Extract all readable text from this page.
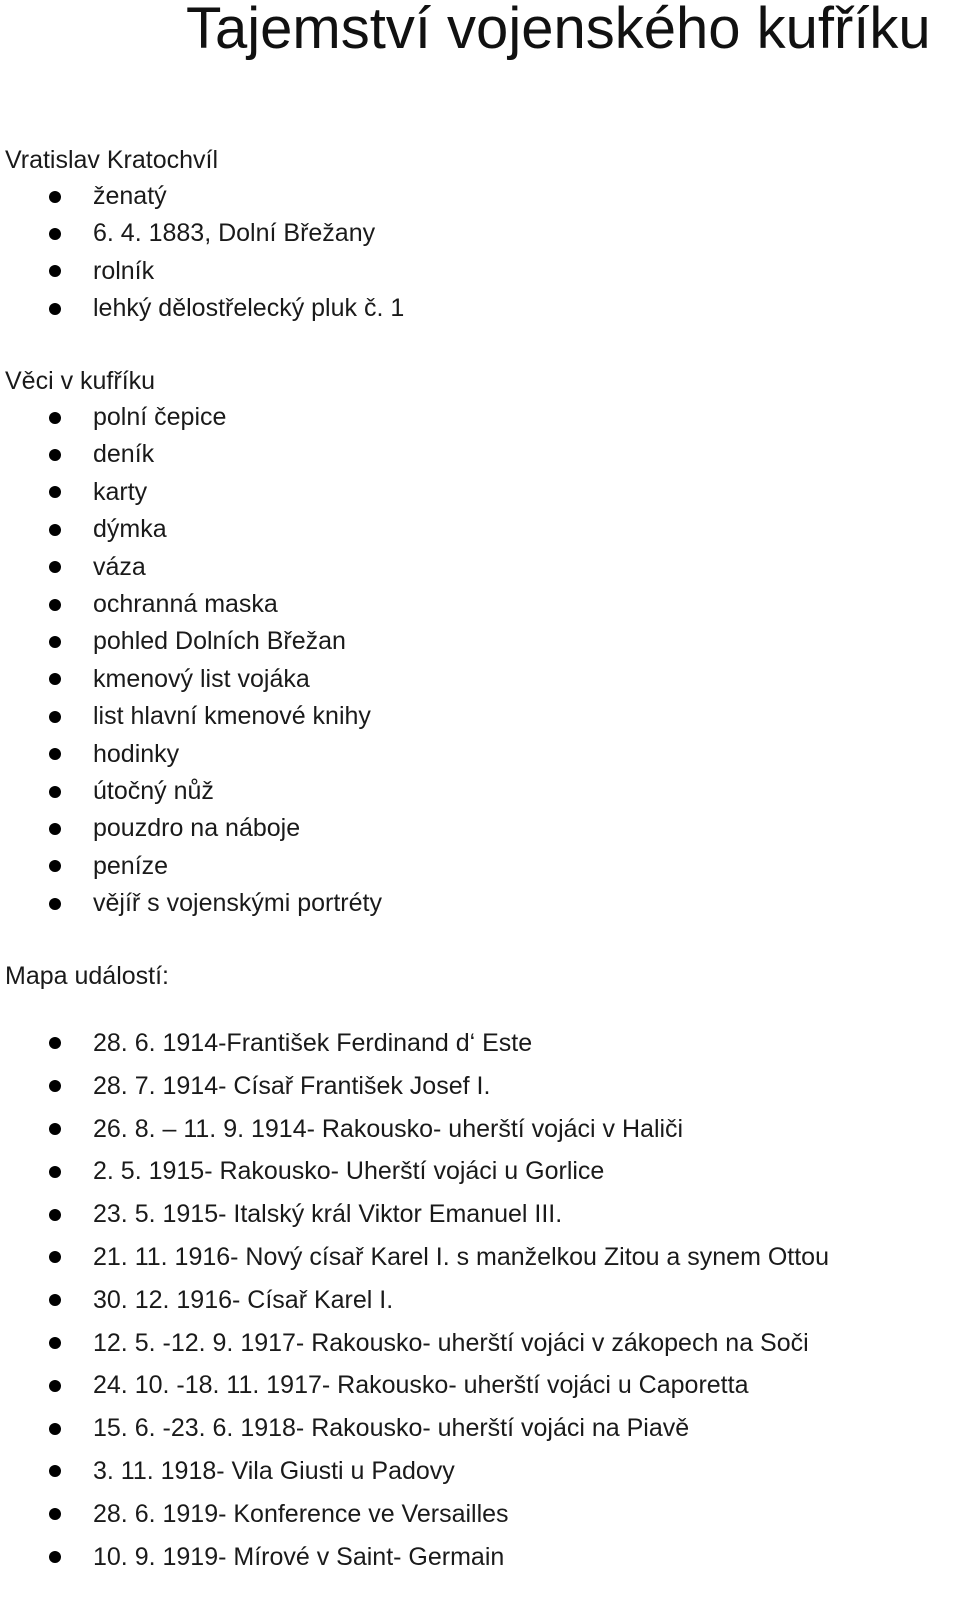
Tajemství vojenského kufříku

Vratislav Kratochvíl

ženatý
6. 4. 1883, Dolní Břežany
rolník
lehký dělostřelecký pluk č. 1

Věci v kufříku

polní čepice
deník
karty
dýmka
váza
ochranná maska
pohled Dolních Břežan
kmenový list vojáka
list hlavní kmenové knihy
hodinky
útočný nůž
pouzdro na náboje
peníze
vějíř s vojenskými portréty

Mapa událostí:

28. 6. 1914-František Ferdinand d‘ Este
28. 7. 1914- Císař František Josef I.
26. 8. – 11. 9. 1914- Rakousko- uherští vojáci v Haliči
2. 5. 1915- Rakousko- Uherští vojáci u Gorlice
23. 5. 1915- Italský král Viktor Emanuel III.
21. 11. 1916- Nový císař Karel I. s manželkou Zitou a synem Ottou
30. 12. 1916- Císař Karel I.
12. 5. -12. 9. 1917- Rakousko- uherští vojáci v zákopech na Soči
24. 10. -18. 11. 1917- Rakousko- uherští vojáci u Caporetta
15. 6. -23. 6. 1918- Rakousko- uherští vojáci na Piavě
3. 11. 1918- Vila Giusti u Padovy
28. 6. 1919- Konference ve Versailles
10. 9. 1919- Mírové v Saint- Germain
